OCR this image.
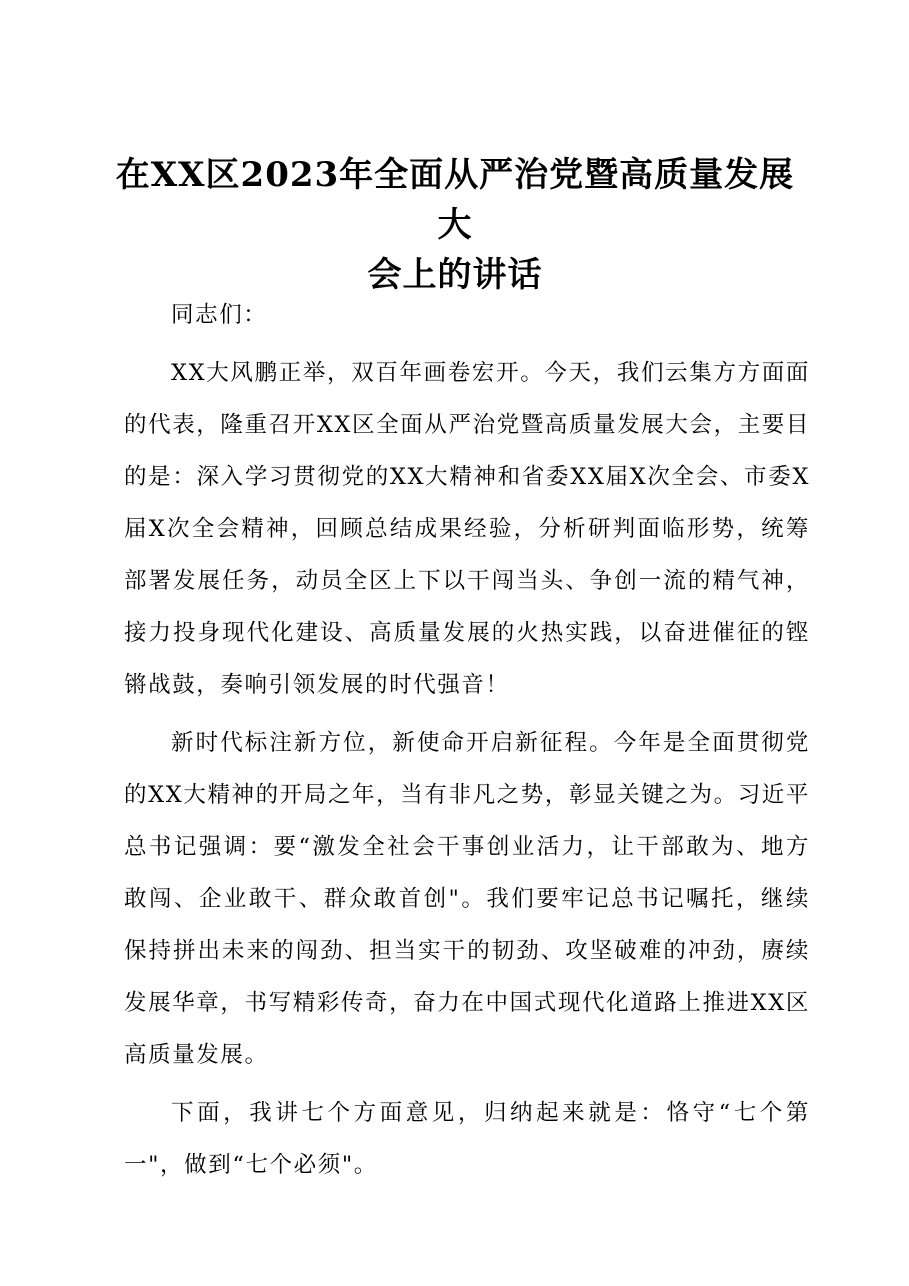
在XX区2023年全面从严治党暨高质量发展大
会上的讲话

同志们：

XX大风鹏正举，双百年画卷宏开。今天，我们云集方方面面的代表，隆重召开XX区全面从严治党暨高质量发展大会，主要目的是：深入学习贯彻党的XX大精神和省委XX届X次全会、市委X届X次全会精神，回顾总结成果经验，分析研判面临形势，统筹部署发展任务，动员全区上下以干闯当头、争创一流的精气神，接力投身现代化建设、高质量发展的火热实践，以奋进催征的铿锵战鼓，奏响引领发展的时代强音！

新时代标注新方位，新使命开启新征程。今年是全面贯彻党的XX大精神的开局之年，当有非凡之势，彰显关键之为。习近平总书记强调：要“激发全社会干事创业活力，让干部敢为、地方敢闯、企业敢干、群众敢首创"。我们要牢记总书记嘱托，继续保持拼出未来的闯劲、担当实干的韧劲、攻坚破难的冲劲，赓续发展华章，书写精彩传奇，奋力在中国式现代化道路上推进XX区高质量发展。

下面，我讲七个方面意见，归纳起来就是：恪守“七个第一"，做到“七个必须"。
